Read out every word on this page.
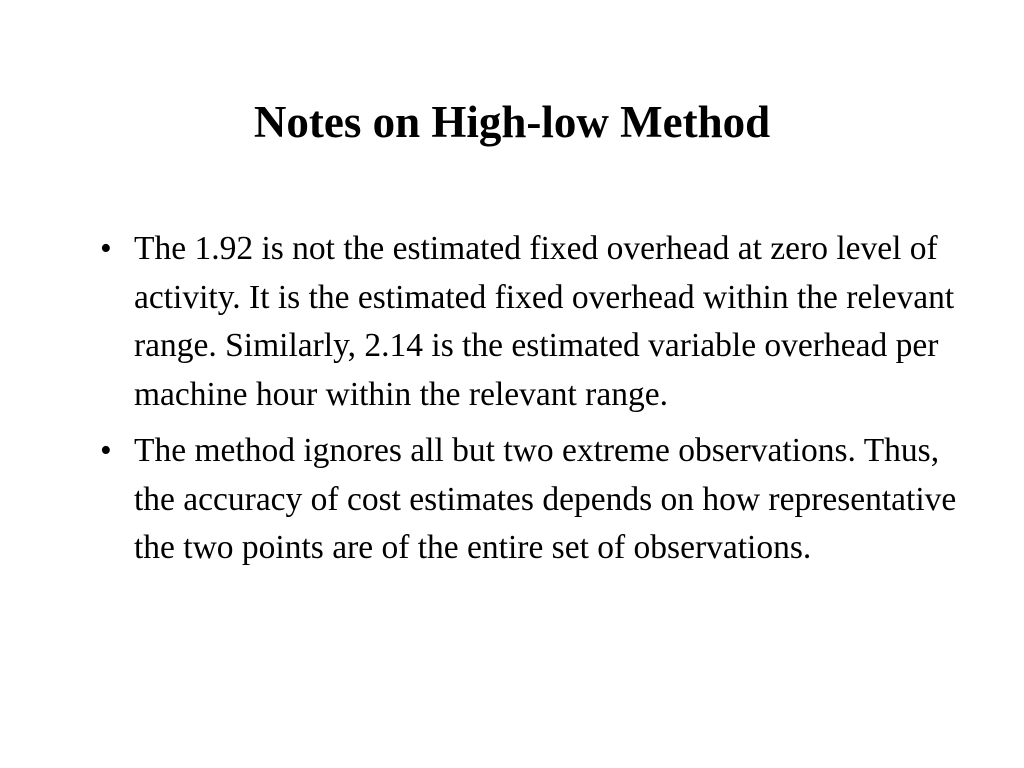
Notes on High-low Method
• The 1.92 is not the estimated fixed overhead at zero level of activity. It is the estimated fixed overhead within the relevant range. Similarly, 2.14 is the estimated variable overhead per machine hour within the relevant range.
• The method ignores all but two extreme observations. Thus, the accuracy of cost estimates depends on how representative the two points are of the entire set of observations.
